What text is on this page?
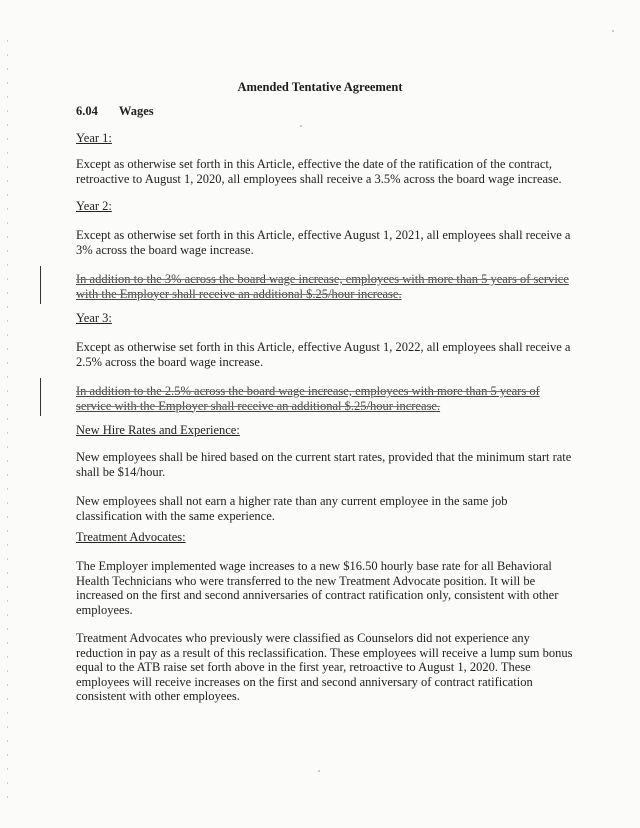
Amended Tentative Agreement
6.04 Wages
Year 1:
Except as otherwise set forth in this Article, effective the date of the ratification of the contract, retroactive to August 1, 2020, all employees shall receive a 3.5% across the board wage increase.
Year 2:
Except as otherwise set forth in this Article, effective August 1, 2021, all employees shall receive a 3% across the board wage increase.
In addition to the 3% across the board wage increase, employees with more than 5 years of service with the Employer shall receive an additional $.25/hour increase.
Year 3:
Except as otherwise set forth in this Article, effective August 1, 2022, all employees shall receive a 2.5% across the board wage increase.
In addition to the 2.5% across the board wage increase, employees with more than 5 years of service with the Employer shall receive an additional $.25/hour increase.
New Hire Rates and Experience:
New employees shall be hired based on the current start rates, provided that the minimum start rate shall be $14/hour.
New employees shall not earn a higher rate than any current employee in the same job classification with the same experience.
Treatment Advocates:
The Employer implemented wage increases to a new $16.50 hourly base rate for all Behavioral Health Technicians who were transferred to the new Treatment Advocate position. It will be increased on the first and second anniversaries of contract ratification only, consistent with other employees.
Treatment Advocates who previously were classified as Counselors did not experience any reduction in pay as a result of this reclassification. These employees will receive a lump sum bonus equal to the ATB raise set forth above in the first year, retroactive to August 1, 2020. These employees will receive increases on the first and second anniversary of contract ratification consistent with other employees.
